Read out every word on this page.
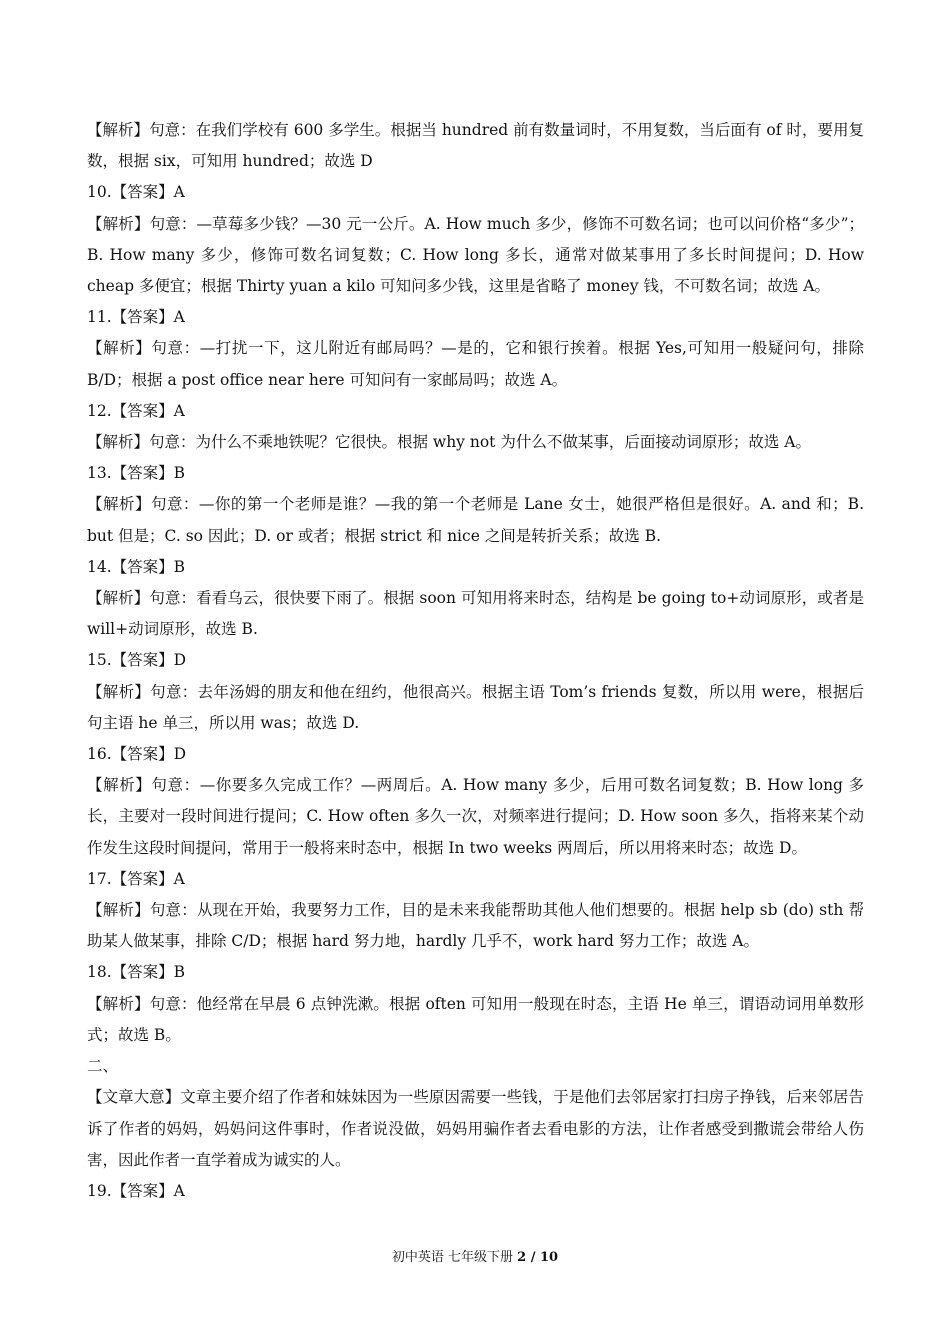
【解析】句意：在我们学校有 600 多学生。根据当 hundred 前有数量词时，不用复数，当后面有 of 时，要用复数，根据 six，可知用 hundred；故选 D

10.【答案】A

【解析】句意：—草莓多少钱？—30 元一公斤。A. How much 多少，修饰不可数名词；也可以问价格“多少”；B. How many 多少，修饰可数名词复数；C. How long 多长，通常对做某事用了多长时间提问；D. How cheap 多便宜；根据 Thirty yuan a kilo 可知问多少钱，这里是省略了 money 钱，不可数名词；故选 A。

11.【答案】A

【解析】句意：—打扰一下，这儿附近有邮局吗？—是的，它和银行挨着。根据 Yes,可知用一般疑问句，排除 B/D；根据 a post office near here 可知问有一家邮局吗；故选 A。

12.【答案】A

【解析】句意：为什么不乘地铁呢？它很快。根据 why not 为什么不做某事，后面接动词原形；故选 A。

13.【答案】B

【解析】句意：—你的第一个老师是谁？—我的第一个老师是 Lane 女士，她很严格但是很好。A. and 和；B. but 但是；C. so 因此；D. or 或者；根据 strict 和 nice 之间是转折关系；故选 B.

14.【答案】B

【解析】句意：看看乌云，很快要下雨了。根据 soon 可知用将来时态，结构是 be going to+动词原形，或者是 will+动词原形，故选 B.

15.【答案】D

【解析】句意：去年汤姆的朋友和他在纽约，他很高兴。根据主语 Tom’s friends 复数，所以用 were，根据后句主语 he 单三，所以用 was；故选 D.

16.【答案】D

【解析】句意：—你要多久完成工作？—两周后。A. How many 多少，后用可数名词复数；B. How long 多长，主要对一段时间进行提问；C. How often 多久一次，对频率进行提问；D. How soon 多久，指将来某个动作发生这段时间提问，常用于一般将来时态中，根据 In two weeks 两周后，所以用将来时态；故选 D。

17.【答案】A

【解析】句意：从现在开始，我要努力工作，目的是未来我能帮助其他人他们想要的。根据 help sb (do) sth 帮助某人做某事，排除 C/D；根据 hard 努力地，hardly 几乎不，work hard 努力工作；故选 A。

18.【答案】B

【解析】句意：他经常在早晨 6 点钟洗漱。根据 often 可知用一般现在时态，主语 He 单三，谓语动词用单数形式；故选 B。

二、

【文章大意】文章主要介绍了作者和妹妹因为一些原因需要一些钱，于是他们去邻居家打扫房子挣钱，后来邻居告诉了作者的妈妈，妈妈问这件事时，作者说没做，妈妈用骗作者去看电影的方法，让作者感受到撒谎会带给人伤害，因此作者一直学着成为诚实的人。

19.【答案】A

初中英语 七年级下册 2 / 10
